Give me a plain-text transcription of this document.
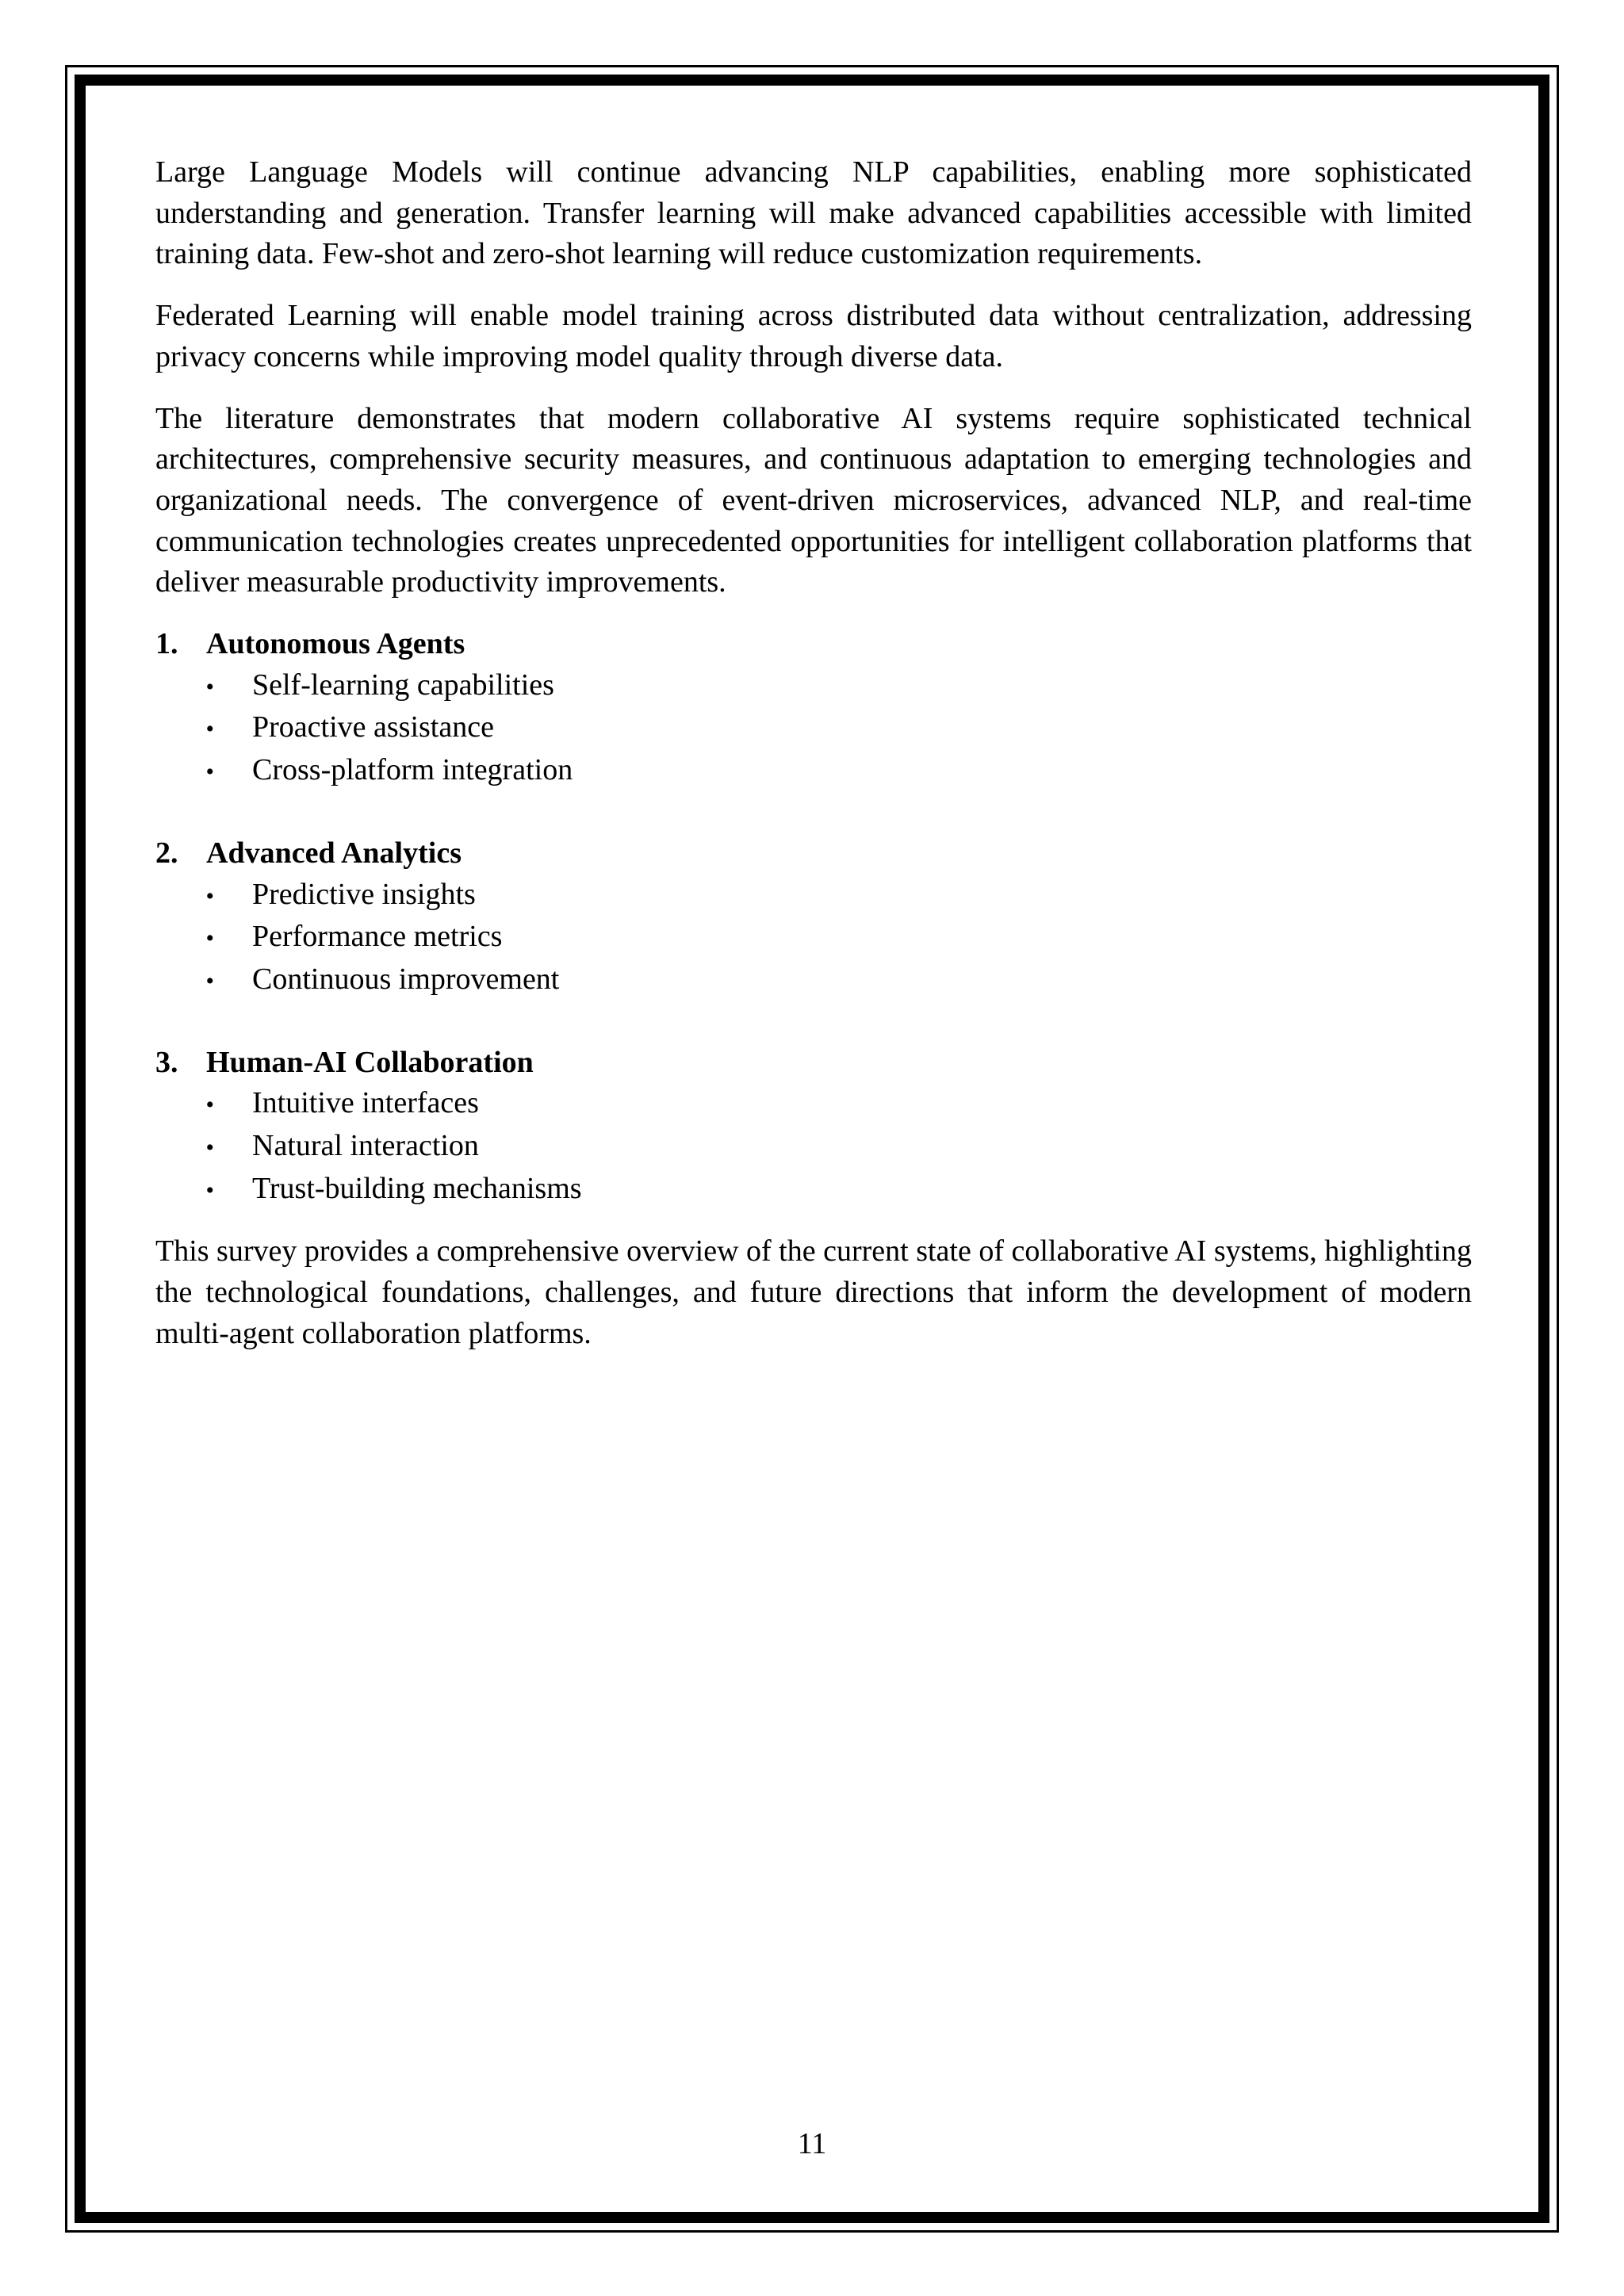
Large Language Models will continue advancing NLP capabilities, enabling more sophisticated understanding and generation. Transfer learning will make advanced capabilities accessible with limited training data. Few-shot and zero-shot learning will reduce customization requirements.

Federated Learning will enable model training across distributed data without centralization, addressing privacy concerns while improving model quality through diverse data.

The literature demonstrates that modern collaborative AI systems require sophisticated technical architectures, comprehensive security measures, and continuous adaptation to emerging technologies and organizational needs. The convergence of event-driven microservices, advanced NLP, and real-time communication technologies creates unprecedented opportunities for intelligent collaboration platforms that deliver measurable productivity improvements.

1. Autonomous Agents
•	Self-learning capabilities
•	Proactive assistance
•	Cross-platform integration
2. Advanced Analytics
•	Predictive insights
•	Performance metrics
•	Continuous improvement
3. Human-AI Collaboration
•	Intuitive interfaces
•	Natural interaction
•	Trust-building mechanisms

This survey provides a comprehensive overview of the current state of collaborative AI systems, highlighting the technological foundations, challenges, and future directions that inform the development of modern multi-agent collaboration platforms.

11
